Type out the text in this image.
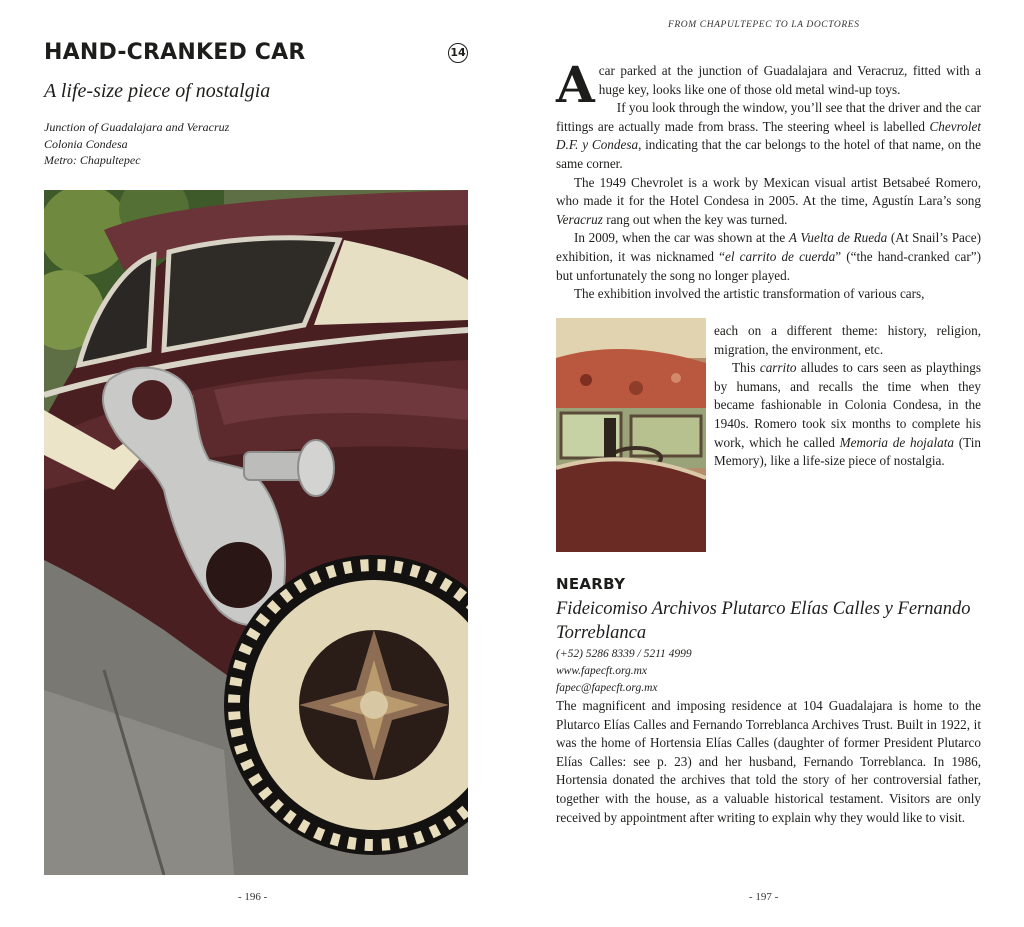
HAND-CRANKED CAR	14
A life-size piece of nostalgia
Junction of Guadalajara and Veracruz
Colonia Condesa
Metro: Chapultepec
- 196 -
FROM CHAPULTEPEC TO LA DOCTORES

A car parked at the junction of Guadalajara and Veracruz, fitted with a huge key, looks like one of those old metal wind-up toys.

If you look through the window, you’ll see that the driver and the car fittings are actually made from brass. The steering wheel is labelled Chevrolet D.F. y Condesa, indicating that the car belongs to the hotel of that name, on the same corner.

The 1949 Chevrolet is a work by Mexican visual artist Betsabeé Romero, who made it for the Hotel Condesa in 2005. At the time, Agustín Lara’s song Veracruz rang out when the key was turned.

In 2009, when the car was shown at the A Vuelta de Rueda (At Snail’s Pace) exhibition, it was nicknamed “el carrito de cuerda” (“the hand-cranked car”) but unfortunately the song no longer played.

The exhibition involved the artistic transformation of various cars,

each on a different theme: history, religion, migration, the environment, etc.

This carrito alludes to cars seen as playthings by humans, and recalls the time when they became fashionable in Colonia Condesa, in the 1940s. Romero took six months to complete his work, which he called Memoria de hojalata (Tin Memory), like a life-size piece of nostalgia.

NEARBY
Fideicomiso Archivos Plutarco Elías Calles y Fernando Torreblanca
(+52) 5286 8339 / 5211 4999
www.fapecft.org.mx
fapec@fapecft.org.mx

The magnificent and imposing residence at 104 Guadalajara is home to the Plutarco Elías Calles and Fernando Torreblanca Archives Trust. Built in 1922, it was the home of Hortensia Elías Calles (daughter of former President Plutarco Elías Calles: see p. 23) and her husband, Fernando Torreblanca. In 1986, Hortensia donated the archives that told the story of her controversial father, together with the house, as a valuable historical testament. Visitors are only received by appointment after writing to explain why they would like to visit.

- 197 -
